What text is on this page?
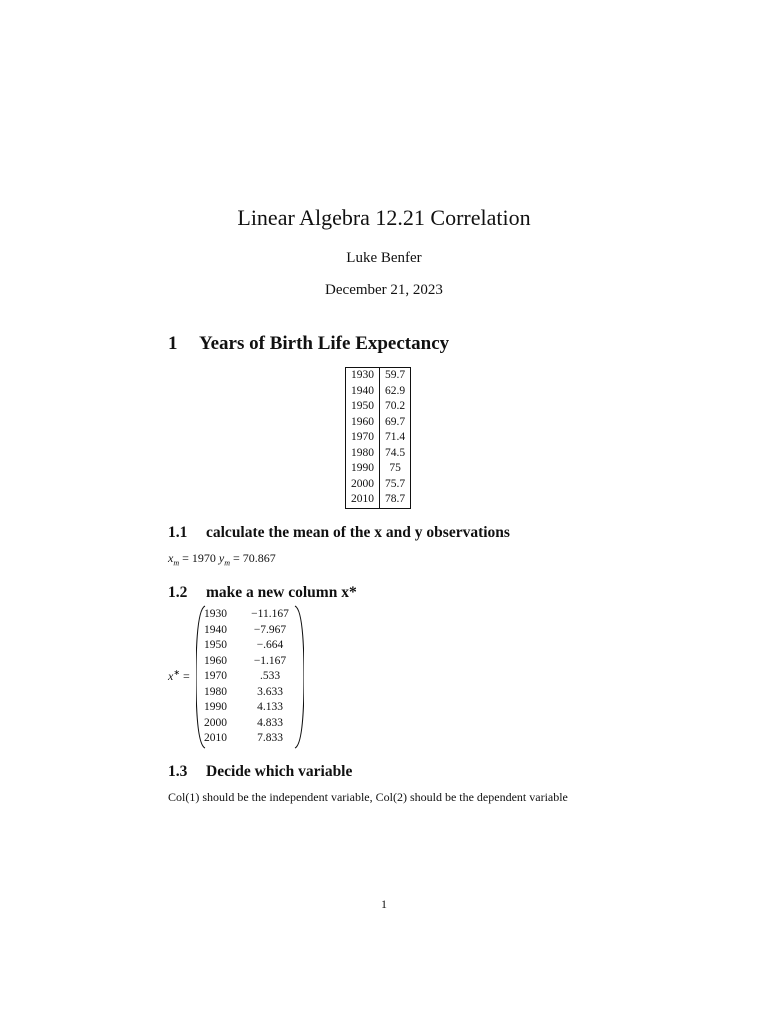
Linear Algebra 12.21 Correlation
Luke Benfer
December 21, 2023
1 Years of Birth Life Expectancy
1930	59.7
1940	62.9
1950	70.2
1960	69.7
1970	71.4
1980	74.5
1990	75
2000	75.7
2010	78.7
1.1 calculate the mean of the x and y observations
$x_m = 1970$ $y_m = 70.867$
1.2 make a new column x*
x∗ =
1930	−11.167
1940	−7.967
1950	−.664
1960	−1.167
1970	.533
1980	3.633
1990	4.133
2000	4.833
2010	7.833
1.3 Decide which variable
Col(1) should be the independent variable, Col(2) should be the dependent variable
1
